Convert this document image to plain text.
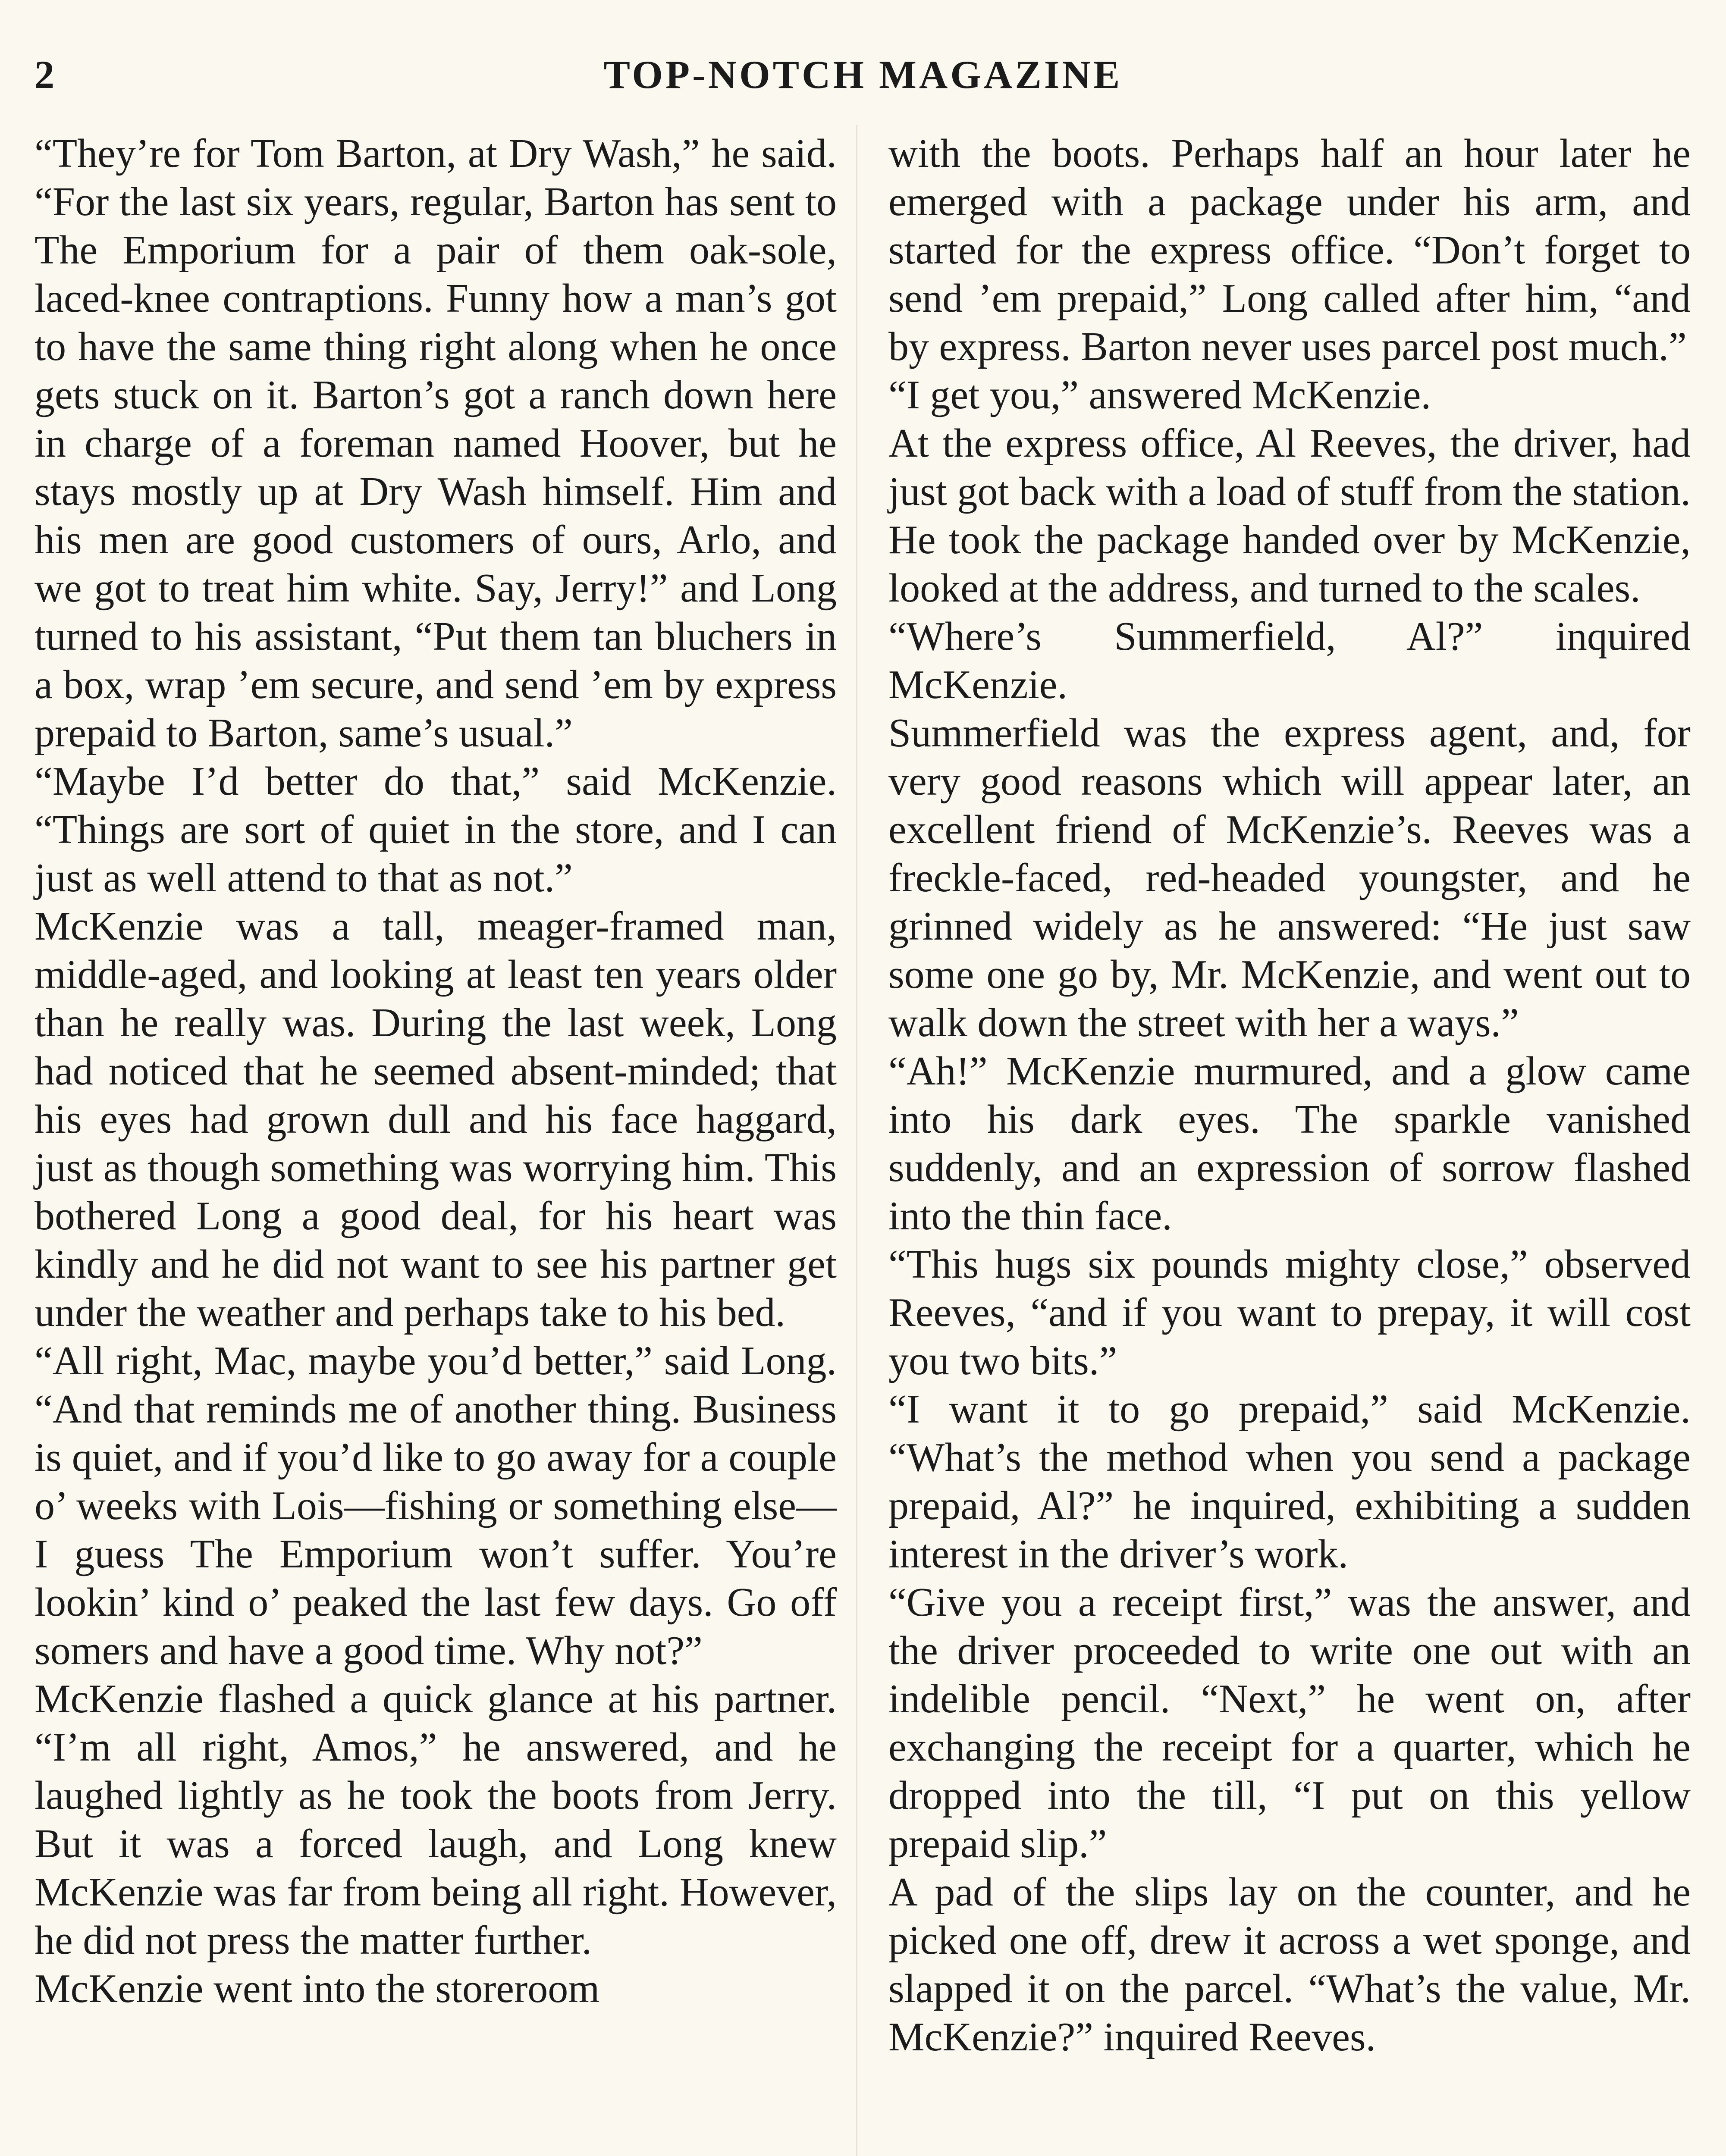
2	TOP-NOTCH MAGAZINE

“They’re for Tom Barton, at Dry Wash,” he said. “For the last six years, regular, Barton has sent to The Emporium for a pair of them oak-sole, laced-knee contraptions. Funny how a man’s got to have the same thing right along when he once gets stuck on it. Barton’s got a ranch down here in charge of a foreman named Hoover, but he stays mostly up at Dry Wash himself. Him and his men are good customers of ours, Arlo, and we got to treat him white. Say, Jerry!” and Long turned to his assistant, “Put them tan bluchers in a box, wrap ’em secure, and send ’em by express prepaid to Barton, same’s usual.”

“Maybe I’d better do that,” said McKenzie. “Things are sort of quiet in the store, and I can just as well attend to that as not.”

McKenzie was a tall, meager-framed man, middle-aged, and looking at least ten years older than he really was. During the last week, Long had noticed that he seemed absent-minded; that his eyes had grown dull and his face haggard, just as though something was worrying him. This bothered Long a good deal, for his heart was kindly and he did not want to see his partner get under the weather and perhaps take to his bed.

“All right, Mac, maybe you’d better,” said Long. “And that reminds me of another thing. Business is quiet, and if you’d like to go away for a couple o’ weeks with Lois—fishing or something else—I guess The Emporium won’t suffer. You’re lookin’ kind o’ peaked the last few days. Go off somers and have a good time. Why not?”

McKenzie flashed a quick glance at his partner. “I’m all right, Amos,” he answered, and he laughed lightly as he took the boots from Jerry. But it was a forced laugh, and Long knew McKenzie was far from being all right. However, he did not press the matter further.

McKenzie went into the storeroom

with the boots. Perhaps half an hour later he emerged with a package under his arm, and started for the express office. “Don’t forget to send ’em prepaid,” Long called after him, “and by express. Barton never uses parcel post much.”

“I get you,” answered McKenzie.

At the express office, Al Reeves, the driver, had just got back with a load of stuff from the station. He took the package handed over by McKenzie, looked at the address, and turned to the scales.

“Where’s Summerfield, Al?” inquired McKenzie.

Summerfield was the express agent, and, for very good reasons which will appear later, an excellent friend of McKenzie’s. Reeves was a freckle-faced, red-headed youngster, and he grinned widely as he answered: “He just saw some one go by, Mr. McKenzie, and went out to walk down the street with her a ways.”

“Ah!” McKenzie murmured, and a glow came into his dark eyes. The sparkle vanished suddenly, and an expression of sorrow flashed into the thin face.

“This hugs six pounds mighty close,” observed Reeves, “and if you want to prepay, it will cost you two bits.”

“I want it to go prepaid,” said McKenzie. “What’s the method when you send a package prepaid, Al?” he inquired, exhibiting a sudden interest in the driver’s work.

“Give you a receipt first,” was the answer, and the driver proceeded to write one out with an indelible pencil. “Next,” he went on, after exchanging the receipt for a quarter, which he dropped into the till, “I put on this yellow prepaid slip.”

A pad of the slips lay on the counter, and he picked one off, drew it across a wet sponge, and slapped it on the parcel. “What’s the value, Mr. McKenzie?” inquired Reeves.
